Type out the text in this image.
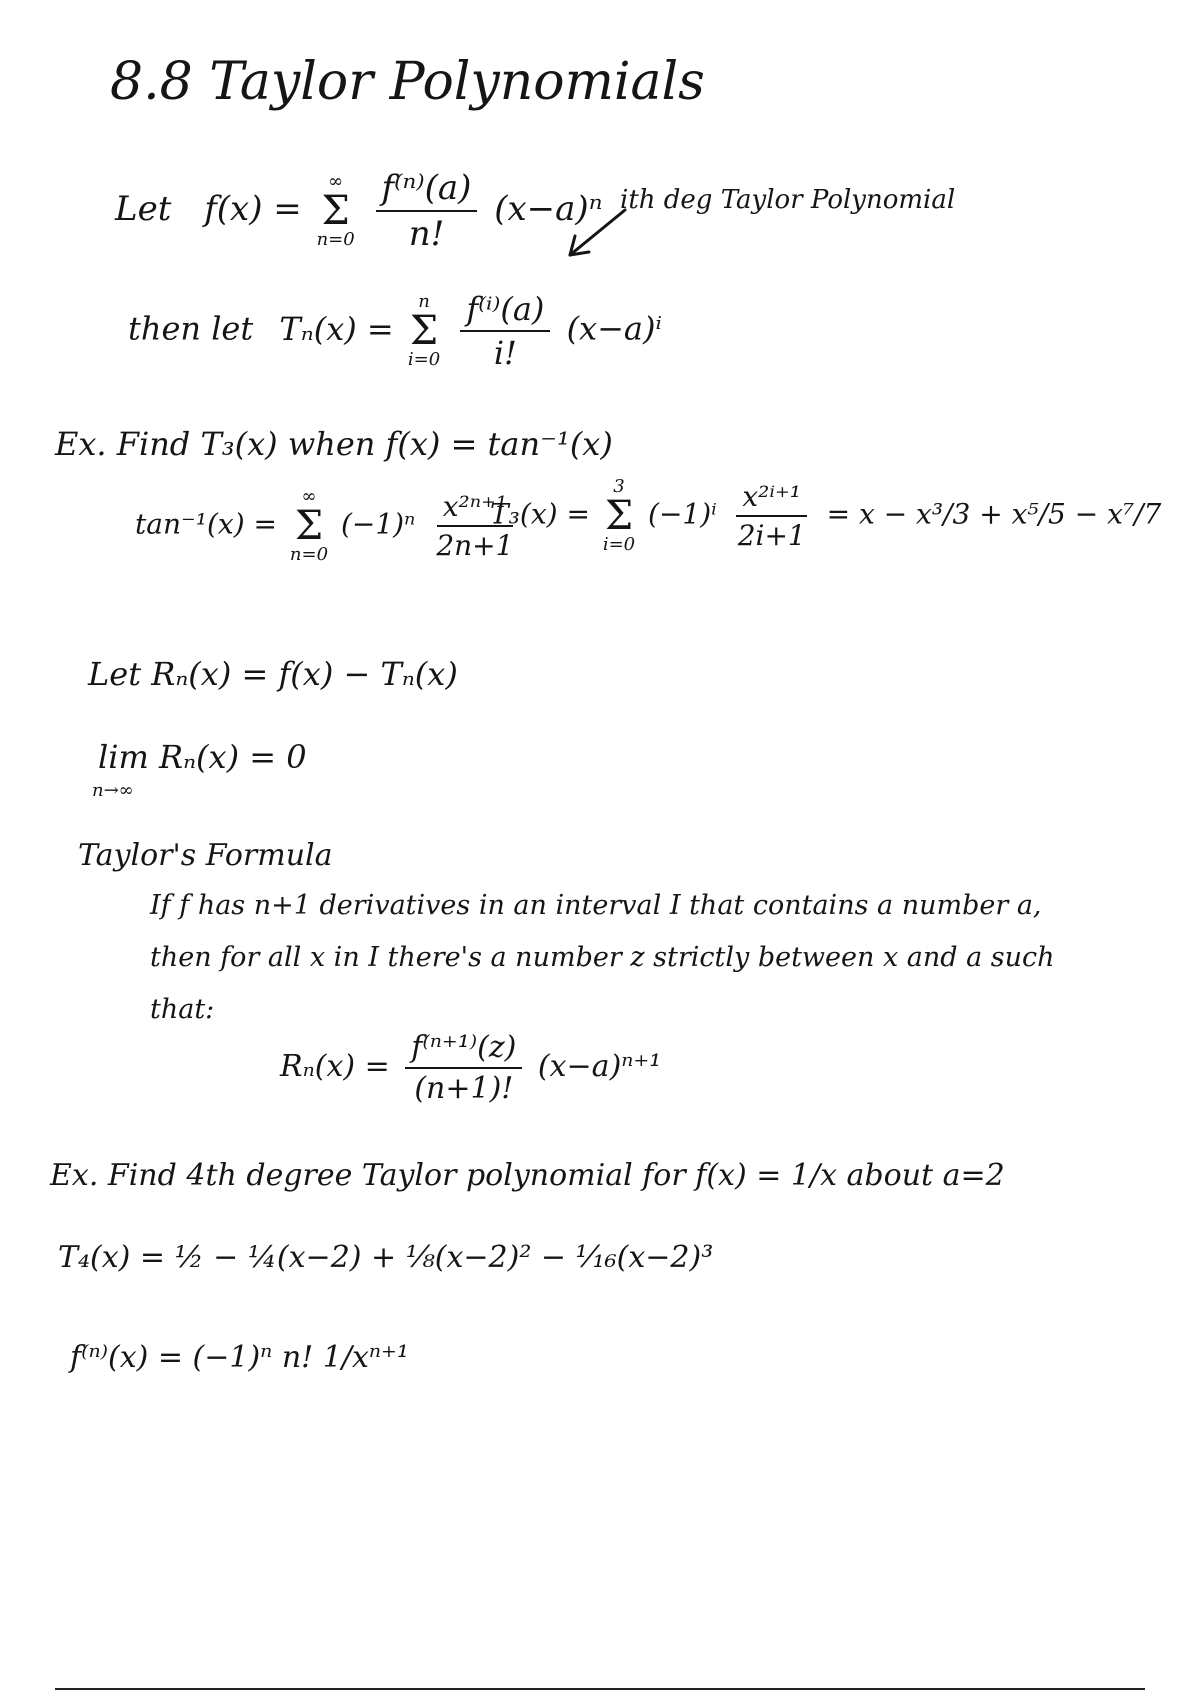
8.8 Taylor Polynomials
Let f(x) =
∞
Σ
n=0
$\frac{\text{f⁽ⁿ⁾(a)}}{n!} (x-a)^n$ ith deg Taylor Polynomial
then let Tₙ(x) =
n
Σ
i=0
$\frac{\text{f⁽ⁱ⁾(a)}}{i!} (x-a)^i$
Ex. Find T₃(x) when f(x) = tan⁻¹(x)
tan⁻¹(x) =
∞
Σ
n=0
$(-1)^n \frac{\text{x²ⁿ⁺¹}}{2n+1}$
T₃(x) =
3
Σ
i=0
$(-1)^i \frac{\text{x²ⁱ⁺¹}}{2i+1} = x - x^3/3 + x^5/5 - x^7/7$
Let Rₙ(x) = f(x) − Tₙ(x)
lim Rₙ(x) = 0
n→∞
Taylor's Formula
If f has n+1 derivatives in an interval I that contains a number a, then for all x in I there's a number z strictly between x and a such that:
$R_n(x) = \frac{\text{f⁽ⁿ⁺¹⁾(z)}}{(n+1)!} (x-a)^{n+1}$
Ex. Find 4th degree Taylor polynomial for f(x) = 1/x about a=2
T₄(x) = ½ − ¼(x−2) + ⅛(x−2)² − ¹⁄₁₆(x−2)³
f⁽ⁿ⁾(x) = (−1)ⁿ n! 1/xⁿ⁺¹
